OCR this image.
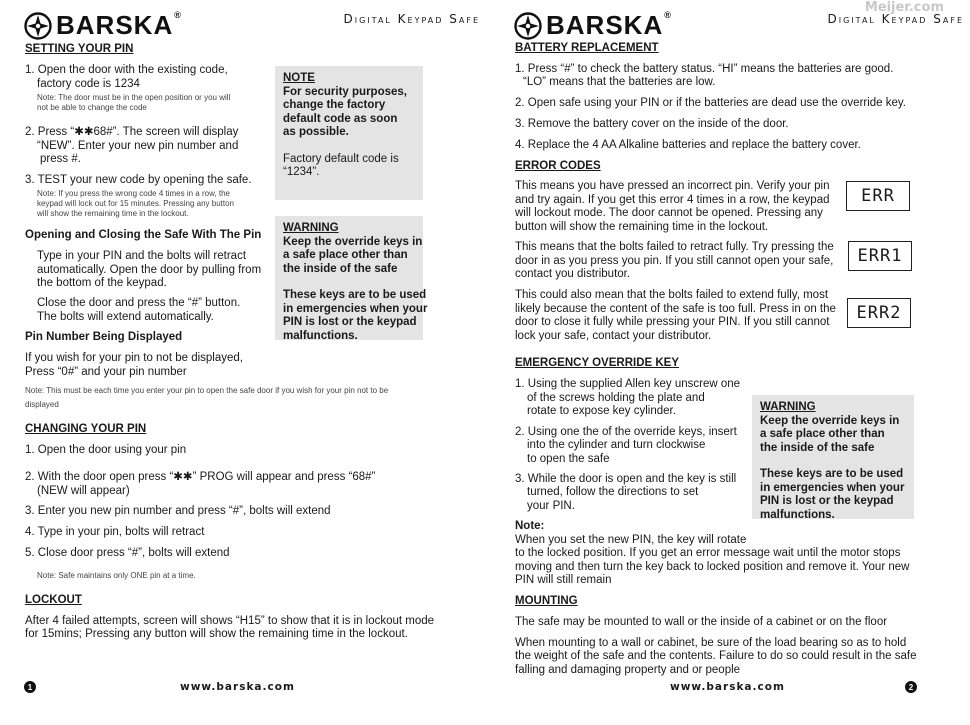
Meijer.com
BARSKA®	Digital Keypad Safe
SETTING YOUR PIN
1. Open the door with the existing code,
factory code is 1234
Note: The door must be in the open position or you will
not be able to change the code
2. Press “✱✱68#”. The screen will display
“NEW”. Enter your new pin number and
press #.
3. TEST your new code by opening the safe.
Note: If you press the wrong code 4 times in a row, the
keypad will lock out for 15 minutes. Pressing any button
will show the remaining time in the lockout.

NOTE

For security purposes,

change the factory

default code as soon

as possible.

Factory default code is

“1234”.

Opening and Closing the Safe With The Pin
Type in your PIN and the bolts will retract
automatically. Open the door by pulling from
the bottom of the keypad.
Close the door and press the “#” button.
The bolts will extend automatically.

WARNING

Keep the override keys in

a safe place other than

the inside of the safe

These keys are to be used

in emergencies when your

PIN is lost or the keypad

malfunctions.

Pin Number Being Displayed
If you wish for your pin to not be displayed,
Press “0#” and your pin number
Note: This must be each time you enter your pin to open the safe door if you wish for your pin not to be
displayed
CHANGING YOUR PIN
1. Open the door using your pin
2. With the door open press “✱✱” PROG will appear and press “68#”
(NEW will appear)
3. Enter you new pin number and press “#”, bolts will extend
4. Type in your pin, bolts will retract
5. Close door press “#”, bolts will extend
Note: Safe maintains only ONE pin at a time.
LOCKOUT
After 4 failed attempts, screen will shows “H15” to show that it is in lockout mode
for 15mins; Pressing any button will show the remaining time in the lockout.
1	www.barska.com
BARSKA®	Digital Keypad Safe
BATTERY REPLACEMENT
1. Press “#” to check the battery status. “HI” means the batteries are good.
“LO” means that the batteries are low.
2. Open safe using your PIN or if the batteries are dead use the override key.
3. Remove the battery cover on the inside of the door.
4. Replace the 4 AA Alkaline batteries and replace the battery cover.
ERROR CODES
This means you have pressed an incorrect pin. Verify your pin
and try again. If you get this error 4 times in a row, the keypad
will lockout mode. The door cannot be opened. Pressing any
button will show the remaining time in the lockout.
This means that the bolts failed to retract fully. Try pressing the
door in as you press you pin. If you still cannot open your safe,
contact you distributor.
This could also mean that the bolts failed to extend fully, most
likely because the content of the safe is too full. Press in on the
door to close it fully while pressing your PIN. If you still cannot
lock your safe, contact your distributor.
ERR
ERR1
ERR2
EMERGENCY OVERRIDE KEY
1. Using the supplied Allen key unscrew one
of the screws holding the plate and
rotate to expose key cylinder.
2. Using one the of the override keys, insert
into the cylinder and turn clockwise
to open the safe
3. While the door is open and the key is still
turned, follow the directions to set
your PIN.

WARNING

Keep the override keys in

a safe place other than

the inside of the safe

These keys are to be used

in emergencies when your

PIN is lost or the keypad

malfunctions.

Note:
When you set the new PIN, the key will rotate
to the locked position. If you get an error message wait until the motor stops
moving and then turn the key back to locked position and remove it. Your new
PIN will still remain
MOUNTING
The safe may be mounted to wall or the inside of a cabinet or on the floor
When mounting to a wall or cabinet, be sure of the load bearing so as to hold
the weight of the safe and the contents. Failure to do so could result in the safe
falling and damaging property and or people
www.barska.com	2
